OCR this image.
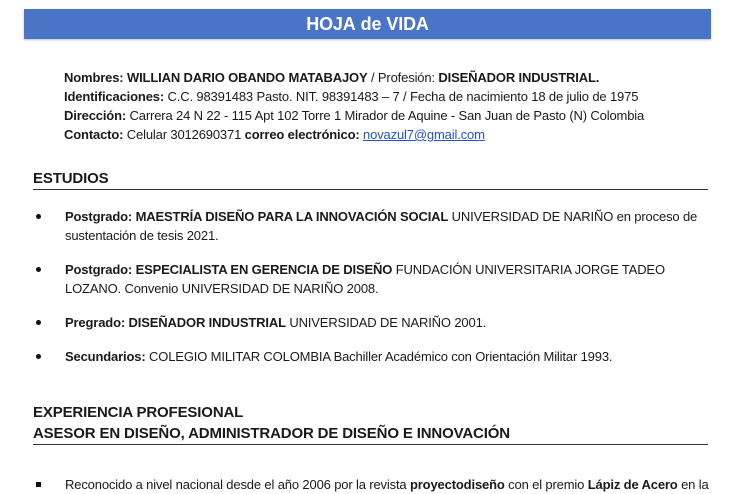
HOJA de VIDA
Nombres: WILLIAN DARIO OBANDO MATABAJOY / Profesión: DISEÑADOR INDUSTRIAL.
Identificaciones: C.C. 98391483 Pasto. NIT. 98391483 – 7 / Fecha de nacimiento 18 de julio de 1975
Dirección: Carrera 24 N 22 - 115 Apt 102 Torre 1 Mirador de Aquine - San Juan de Pasto (N) Colombia
Contacto: Celular 3012690371 correo electrónico: novazul7@gmail.com
ESTUDIOS
Postgrado: MAESTRÍA DISEÑO PARA LA INNOVACIÓN SOCIAL UNIVERSIDAD DE NARIÑO en proceso de
sustentación de tesis 2021.
Postgrado: ESPECIALISTA EN GERENCIA DE DISEÑO FUNDACIÓN UNIVERSITARIA JORGE TADEO
LOZANO. Convenio UNIVERSIDAD DE NARIÑO 2008.
Pregrado: DISEÑADOR INDUSTRIAL UNIVERSIDAD DE NARIÑO 2001.
Secundarios: COLEGIO MILITAR COLOMBIA Bachiller Académico con Orientación Militar 1993.
EXPERIENCIA PROFESIONAL
ASESOR EN DISEÑO, ADMINISTRADOR DE DISEÑO E INNOVACIÓN
Reconocido a nivel nacional desde el año 2006 por la revista proyectodiseño con el premio Lápiz de Acero en la
